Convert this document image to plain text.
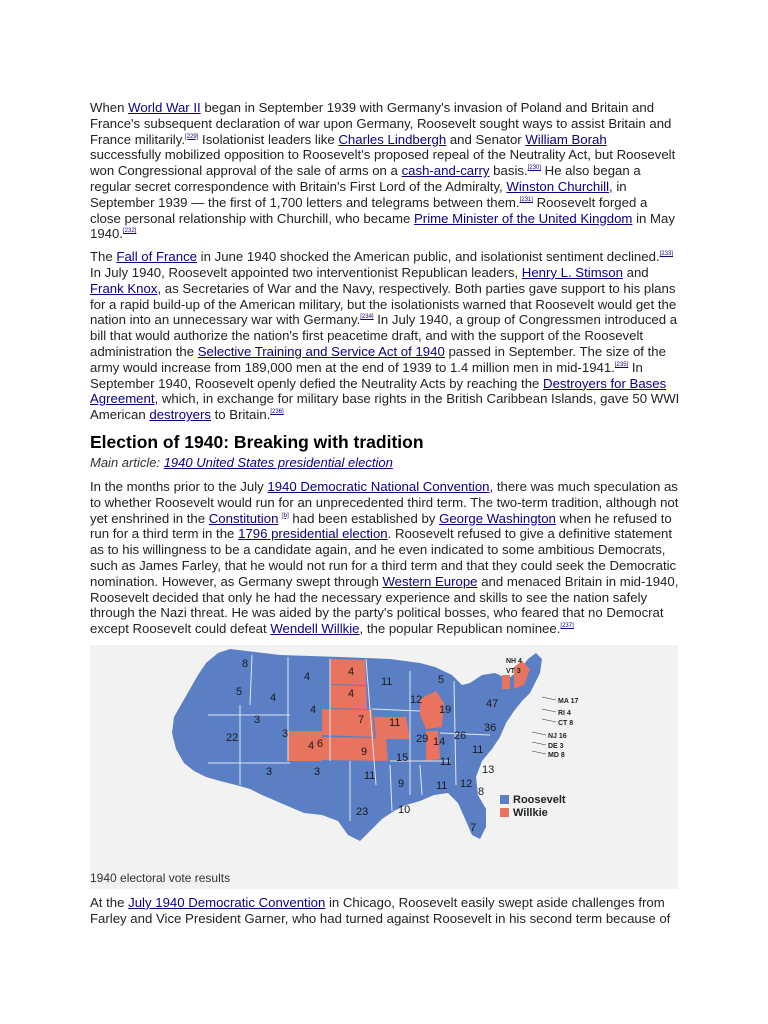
When World War II began in September 1939 with Germany's invasion of Poland and Britain and France's subsequent declaration of war upon Germany, Roosevelt sought ways to assist Britain and France militarily.[229] Isolationist leaders like Charles Lindbergh and Senator William Borah successfully mobilized opposition to Roosevelt's proposed repeal of the Neutrality Act, but Roosevelt won Congressional approval of the sale of arms on a cash-and-carry basis.[230] He also began a regular secret correspondence with Britain's First Lord of the Admiralty, Winston Churchill, in September 1939 — the first of 1,700 letters and telegrams between them.[231] Roosevelt forged a close personal relationship with Churchill, who became Prime Minister of the United Kingdom in May 1940.[232]

The Fall of France in June 1940 shocked the American public, and isolationist sentiment declined.[233] In July 1940, Roosevelt appointed two interventionist Republican leaders, Henry L. Stimson and Frank Knox, as Secretaries of War and the Navy, respectively. Both parties gave support to his plans for a rapid build-up of the American military, but the isolationists warned that Roosevelt would get the nation into an unnecessary war with Germany.[234] In July 1940, a group of Congressmen introduced a bill that would authorize the nation's first peacetime draft, and with the support of the Roosevelt administration the Selective Training and Service Act of 1940 passed in September. The size of the army would increase from 189,000 men at the end of 1939 to 1.4 million men in mid-1941.[235] In September 1940, Roosevelt openly defied the Neutrality Acts by reaching the Destroyers for Bases Agreement, which, in exchange for military base rights in the British Caribbean Islands, gave 50 WWI American destroyers to Britain.[236]

Election of 1940: Breaking with tradition
Main article: 1940 United States presidential election

In the months prior to the July 1940 Democratic National Convention, there was much speculation as to whether Roosevelt would run for an unprecedented third term. The two-term tradition, although not yet enshrined in the Constitution [b] had been established by George Washington when he refused to run for a third term in the 1796 presidential election. Roosevelt refused to give a definitive statement as to his willingness to be a candidate again, and he even indicated to some ambitious Democrats, such as James Farley, that he would not run for a third term and that they could seek the Democratic nomination. However, as Germany swept through Western Europe and menaced Britain in mid-1940, Roosevelt decided that only he had the necessary experience and skills to see the nation safely through the Nazi threat. He was aided by the party's political bosses, who feared that no Democrat except Roosevelt could defeat Wendell Willkie, the popular Republican nominee.[237]

8
4	4
11
5
5
4	4	12
4
3	7 11
19	47
22	3
4
29 14 26
36
6
9	15	11
11
13
3	3	11
9	11 12
23	10
8
7
NH 4
VT 3
MA 17
RI 4
CT 8
NJ 16
DE 3
MD 8
Roosevelt
Willkie
1940 electoral vote results

At the July 1940 Democratic Convention in Chicago, Roosevelt easily swept aside challenges from Farley and Vice President Garner, who had turned against Roosevelt in his second term because of
